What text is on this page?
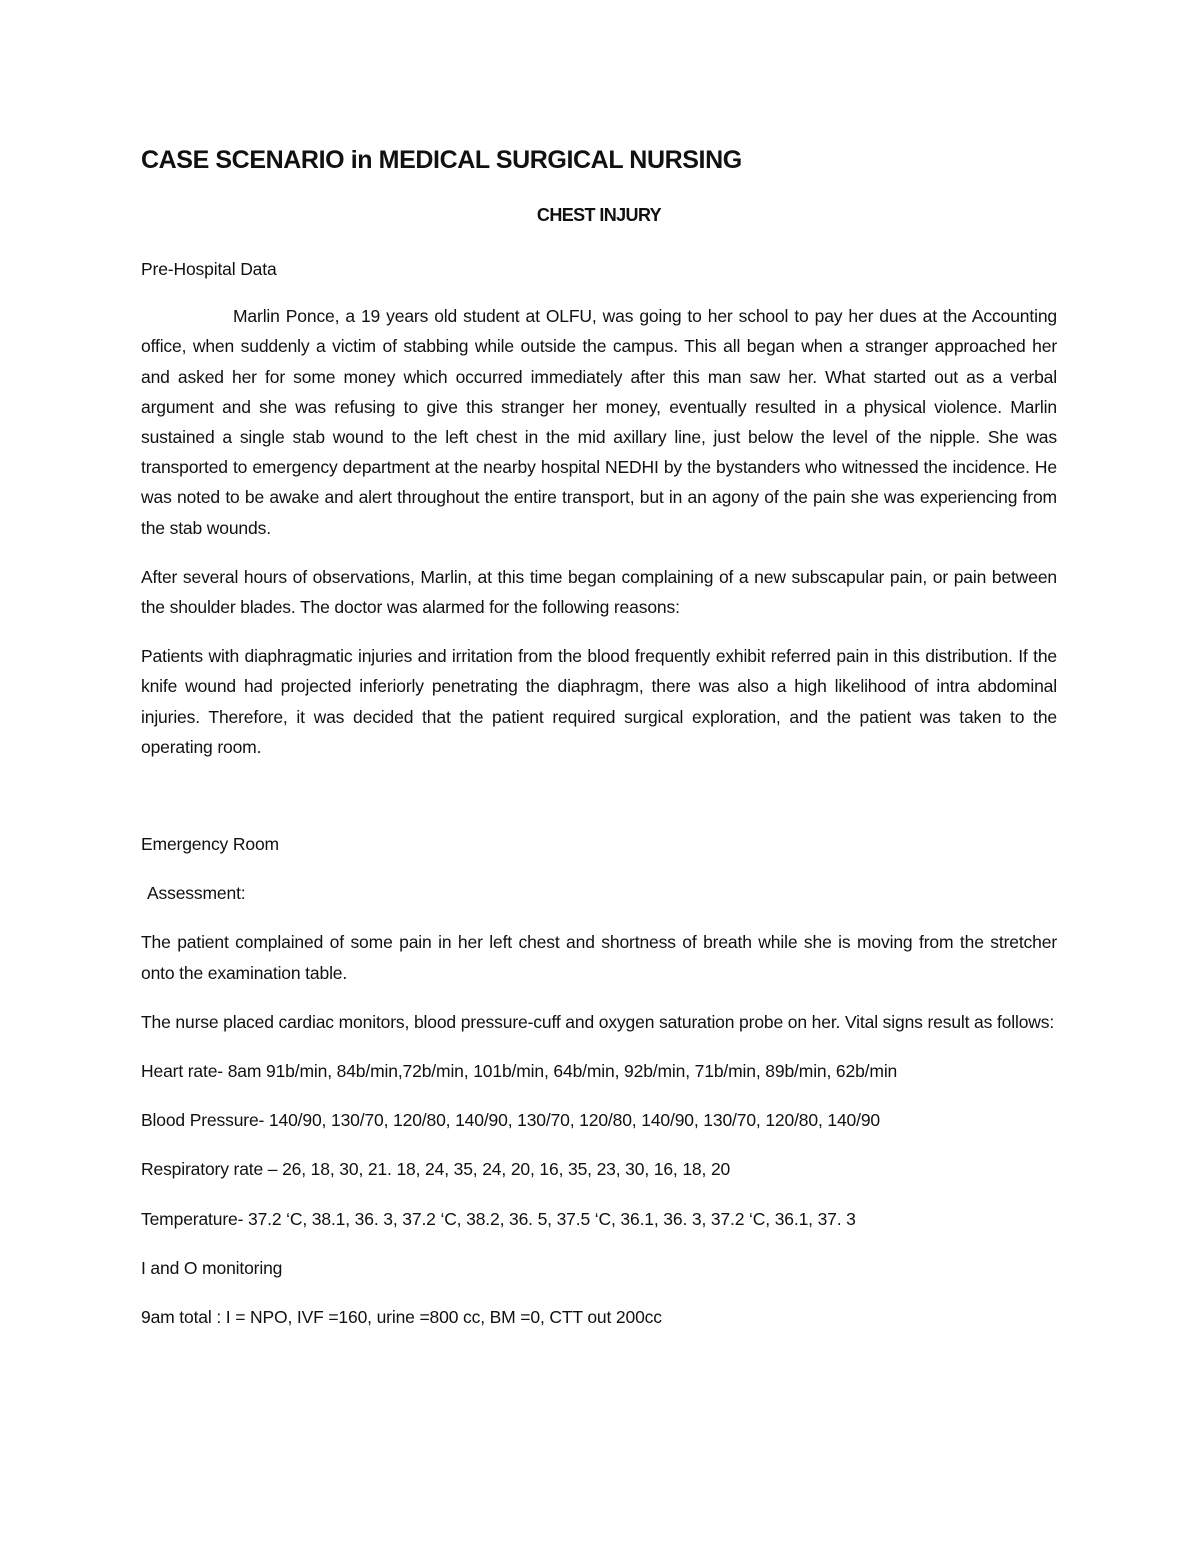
CASE SCENARIO in MEDICAL SURGICAL NURSING
CHEST INJURY

Pre-Hospital Data

Marlin Ponce, a 19 years old student at OLFU, was going to her school to pay her dues at the Accounting office, when suddenly a victim of stabbing while outside the campus. This all began when a stranger approached her and asked her for some money which occurred immediately after this man saw her. What started out as a verbal argument and she was refusing to give this stranger her money, eventually resulted in a physical violence. Marlin sustained a single stab wound to the left chest in the mid axillary line, just below the level of the nipple. She was transported to emergency department at the nearby hospital NEDHI by the bystanders who witnessed the incidence. He was noted to be awake and alert throughout the entire transport, but in an agony of the pain she was experiencing from the stab wounds.

After several hours of observations, Marlin, at this time began complaining of a new subscapular pain, or pain between the shoulder blades. The doctor was alarmed for the following reasons:

Patients with diaphragmatic injuries and irritation from the blood frequently exhibit referred pain in this distribution. If the knife wound had projected inferiorly penetrating the diaphragm, there was also a high likelihood of intra abdominal injuries. Therefore, it was decided that the patient required surgical exploration, and the patient was taken to the operating room.

Emergency Room

Assessment:

The patient complained of some pain in her left chest and shortness of breath while she is moving from the stretcher onto the examination table.

The nurse placed cardiac monitors, blood pressure-cuff and oxygen saturation probe on her. Vital signs result as follows:

Heart rate- 8am 91b/min, 84b/min,72b/min, 101b/min, 64b/min, 92b/min, 71b/min, 89b/min, 62b/min

Blood Pressure- 140/90, 130/70, 120/80, 140/90, 130/70, 120/80, 140/90, 130/70, 120/80, 140/90

Respiratory rate – 26, 18, 30, 21. 18, 24, 35, 24, 20, 16, 35, 23, 30, 16, 18, 20

Temperature- 37.2 ‘C, 38.1, 36. 3, 37.2 ‘C, 38.2, 36. 5, 37.5 ‘C, 36.1, 36. 3, 37.2 ‘C, 36.1, 37. 3

I and O monitoring

9am total : I = NPO, IVF =160, urine =800 cc, BM =0, CTT out 200cc
